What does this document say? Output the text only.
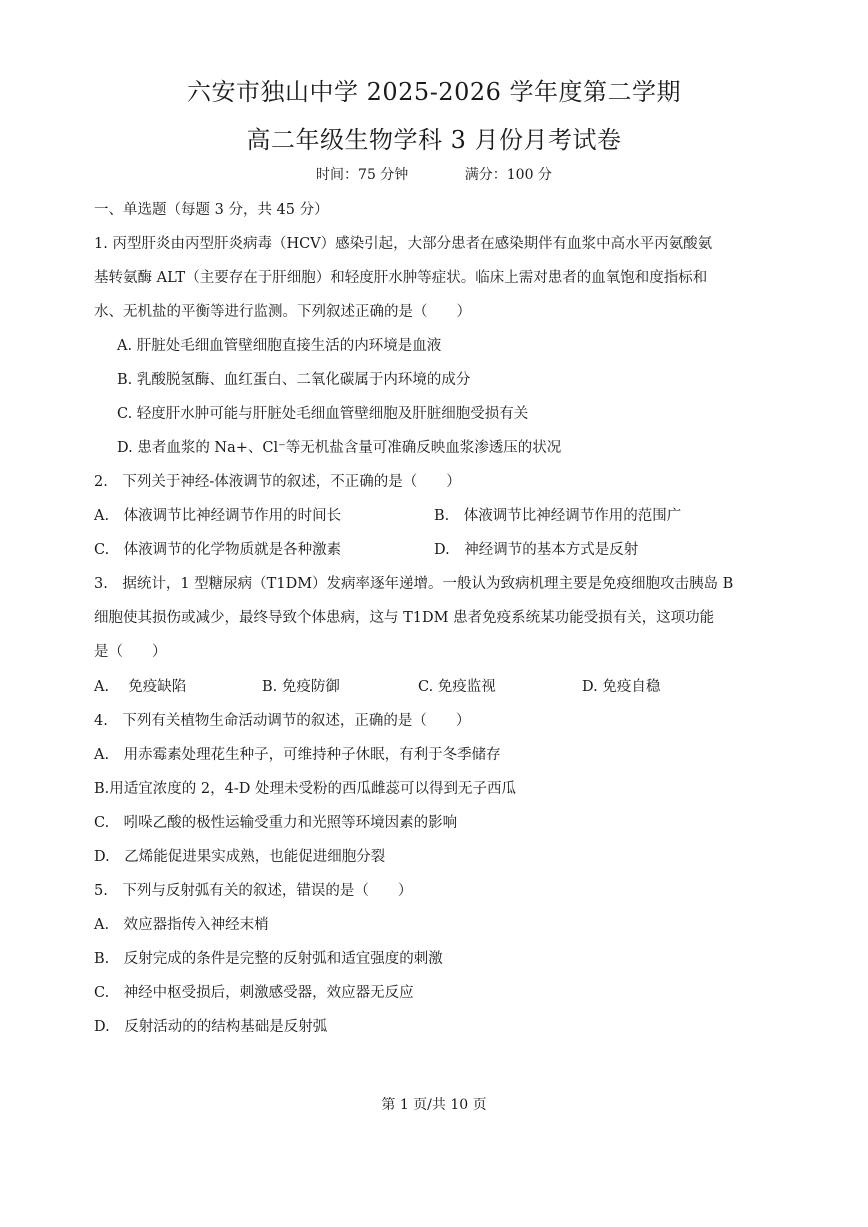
六安市独山中学 2025-2026 学年度第二学期
高二年级生物学科 3 月份月考试卷
时间：75 分钟	满分：100 分
一、单选题（每题 3 分，共 45 分）
1. 丙型肝炎由丙型肝炎病毒（HCV）感染引起，大部分患者在感染期伴有血浆中高水平丙氨酸氨
基转氨酶 ALT（主要存在于肝细胞）和轻度肝水肿等症状。临床上需对患者的血氧饱和度指标和
水、无机盐的平衡等进行监测。下列叙述正确的是（　　）
A. 肝脏处毛细血管壁细胞直接生活的内环境是血液
B. 乳酸脱氢酶、血红蛋白、二氧化碳属于内环境的成分
C. 轻度肝水肿可能与肝脏处毛细血管壁细胞及肝脏细胞受损有关
D. 患者血浆的 Na+、Cl⁻等无机盐含量可准确反映血浆渗透压的状况
2.　下列关于神经-体液调节的叙述，不正确的是（　　）
A.　体液调节比神经调节作用的时间长	B.　体液调节比神经调节作用的范围广
C.　体液调节的化学物质就是各种激素	D.　神经调节的基本方式是反射
3.　据统计，1 型糖尿病（T1DM）发病率逐年递增。一般认为致病机理主要是免疫细胞攻击胰岛 B
细胞使其损伤或减少，最终导致个体患病，这与 T1DM 患者免疫系统某功能受损有关，这项功能
是（　　）
A.　 免疫缺陷	B. 免疫防御	C. 免疫监视	D. 免疫自稳
4.　下列有关植物生命活动调节的叙述，正确的是（　　）
A.　用赤霉素处理花生种子，可维持种子休眠，有利于冬季储存
B.用适宜浓度的 2，4-D 处理未受粉的西瓜雌蕊可以得到无子西瓜
C.　吲哚乙酸的极性运输受重力和光照等环境因素的影响
D.　乙烯能促进果实成熟，也能促进细胞分裂
5.　下列与反射弧有关的叙述，错误的是（　　）
A.　效应器指传入神经末梢
B.　反射完成的条件是完整的反射弧和适宜强度的刺激
C.　神经中枢受损后，刺激感受器，效应器无反应
D.　反射活动的的结构基础是反射弧
第 1 页/共 10 页
